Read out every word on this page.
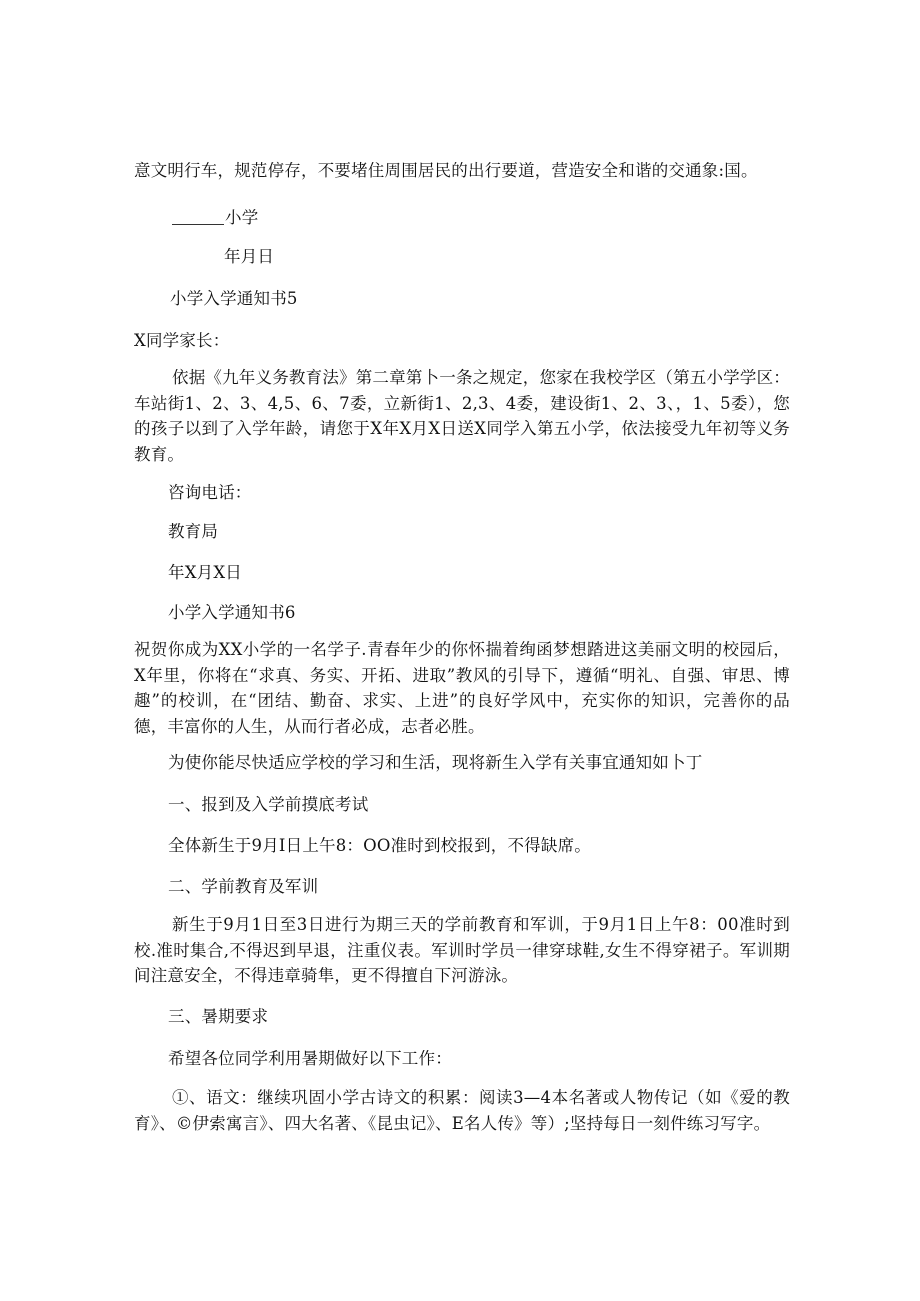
意文明行车，规范停存，不要堵住周围居民的出行要道，营造安全和谐的交通象:国。

小学

年月日

小学入学通知书5

X同学家长：

依据《九年义务教育法》第二章第卜一条之规定，您家在我校学区（第五小学学区：车站街1、2、3、4,5、6、7委，立新街1、2,3、4委，建设街1、2、3、，1、5委），您的孩子以到了入学年龄，请您于X年X月X日送X同学入第五小学，依法接受九年初等义务教育。

咨询电话：

教育局

年X月X日

小学入学通知书6

祝贺你成为XX小学的一名学子.青春年少的你怀揣着绚函梦想踏进这美丽文明的校园后，X年里，你将在“求真、务实、开拓、进取”教风的引导下，遵循“明礼、自强、审思、博趣”的校训，在“团结、勤奋、求实、上进”的良好学风中，充实你的知识，完善你的品德，丰富你的人生，从而行者必成，志者必胜。

为使你能尽快适应学校的学习和生活，现将新生入学有关事宜通知如卜丁

一、报到及入学前摸底考试

全体新生于9月I日上午8：OO准时到校报到，不得缺席。

二、学前教育及军训

新生于9月1日至3日进行为期三天的学前教育和军训，于9月1日上午8：00准时到校.准时集合,不得迟到早退，注重仪表。军训时学员一律穿球鞋,女生不得穿裙子。军训期间注意安全，不得违章骑隼，更不得擅自下河游泳。

三、暑期要求

希望各位同学利用暑期做好以下工作：

①、语文：继续巩固小学古诗文的积累：阅读3—4本名著或人物传记（如《爱的教育》、©伊索寓言》、四大名著、《昆虫记》、E名人传》等）;坚持每日一刻件练习写字。
